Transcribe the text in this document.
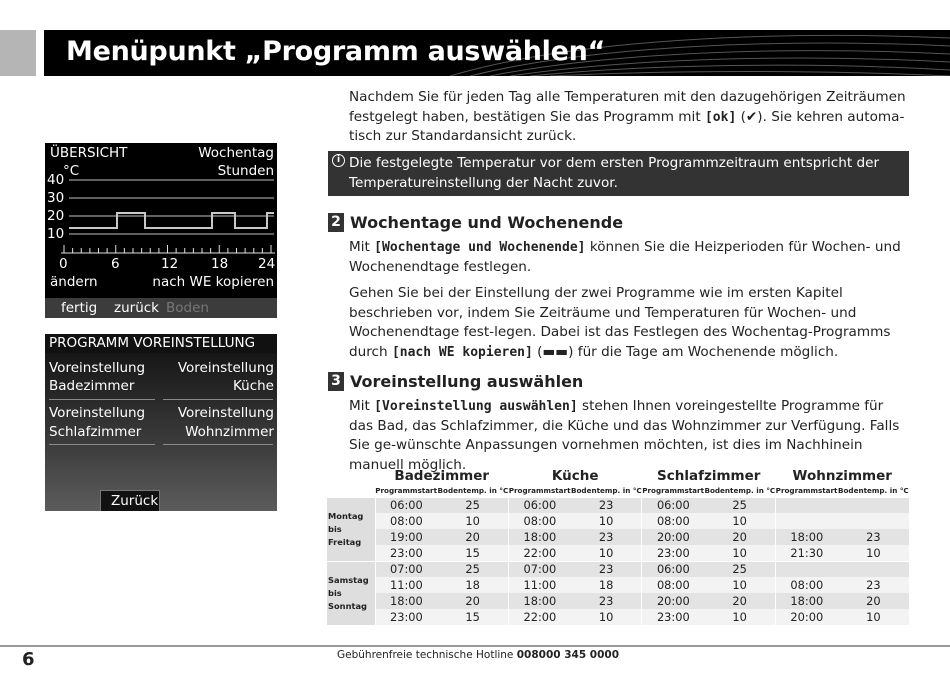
Menüpunkt „Programm auswählen“
Nachdem Sie für jeden Tag alle Temperaturen mit den dazugehörigen Zeiträumen festgelegt haben, bestätigen Sie das Programm mit [ok] (✔). Sie kehren automa-tisch zur Standardansicht zurück.
i Die festgelegte Temperatur vor dem ersten Programmzeitraum entspricht der Temperatureinstellung der Nacht zuvor.
2 Wochentage und Wochenende
Mit [Wochentage und Wochenende] können Sie die Heizperioden für Wochen- und Wochenendtage festlegen.
Gehen Sie bei der Einstellung der zwei Programme wie im ersten Kapitel beschrieben vor, indem Sie Zeiträume und Temperaturen für Wochen- und Wochenendtage fest-legen. Dabei ist das Festlegen des Wochentag-Programms durch [nach WE kopieren] (▬▬) für die Tage am Wochenende möglich.
3 Voreinstellung auswählen
Mit [Voreinstellung auswählen] stehen Ihnen voreingestellte Programme für das Bad, das Schlafzimmer, die Küche und das Wohnzimmer zur Verfügung. Falls Sie ge-wünschte Anpassungen vornehmen möchten, ist dies im Nachhinein manuell möglich.
ÜBERSICHT	Wochentag
°C	Stunden
40
30
20
10
0	6	12 18 24
ändern	nach WE kopieren
fertig zurück Boden
PROGRAMM VOREINSTELLUNG
Voreinstellung
Badezimmer
Voreinstellung
Küche
Voreinstellung
Schlafzimmer
Voreinstellung
Wohnzimmer
Zurück
	Badezimmer		Küche		Schlafzimmer		Wohnzimmer	
	Programmstart	Bodentemp. in °C	Programmstart	Bodentemp. in °C	Programmstart	Bodentemp. in °C	Programmstart	Bodentemp. in °C
Montag bis Freitag	06:00	25	06:00	23	06:00	25		
	08:00	10	08:00	10	08:00	10		
	19:00	20	18:00	23	20:00	20	18:00	23
	23:00	15	22:00	10	23:00	10	21:30	10
Samstag bis Sonntag	07:00	25	07:00	23	06:00	25		
	11:00	18	11:00	18	08:00	10	08:00	23
	18:00	20	18:00	23	20:00	20	18:00	20
	23:00	15	22:00	10	23:00	10	20:00	10
6	Gebührenfreie technische Hotline 008000 345 0000
